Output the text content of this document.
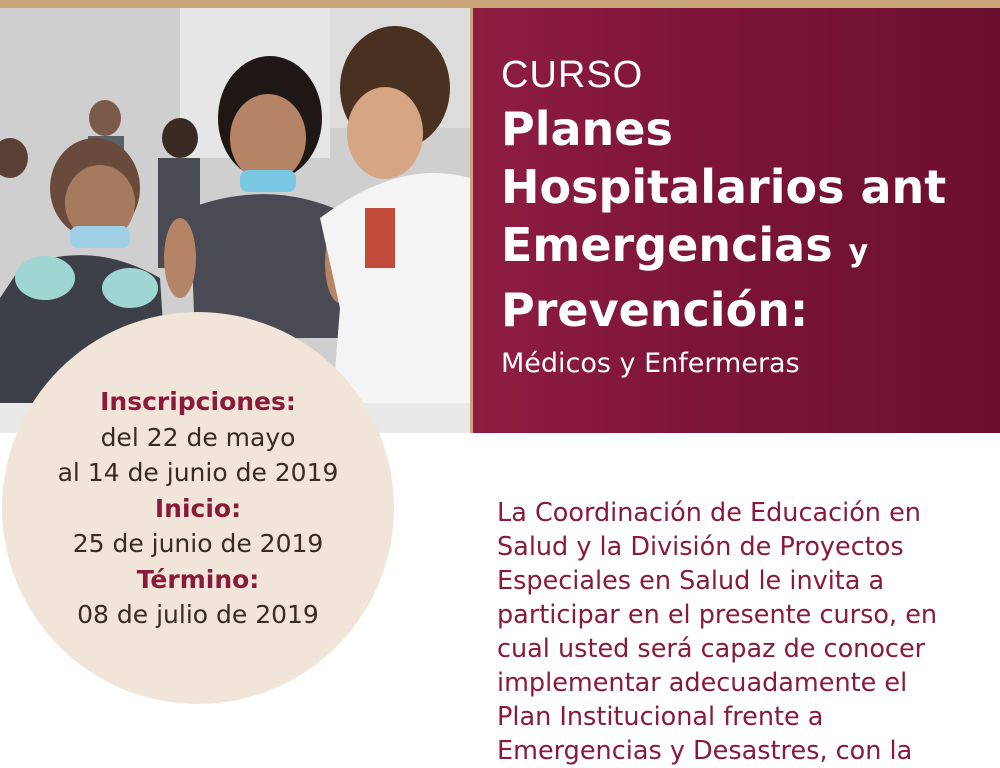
CURSO
Planes
Hospitalarios ant
Emergencias y
Prevención:
Médicos y Enfermeras
Inscripciones:
del 22 de mayo
al 14 de junio de 2019
Inicio:
25 de junio de 2019
Término:
08 de julio de 2019
La Coordinación de Educación en
Salud y la División de Proyectos
Especiales en Salud le invita a
participar en el presente curso, en
cual usted será capaz de conocer
implementar adecuadamente el
Plan Institucional frente a
Emergencias y Desastres, con la
